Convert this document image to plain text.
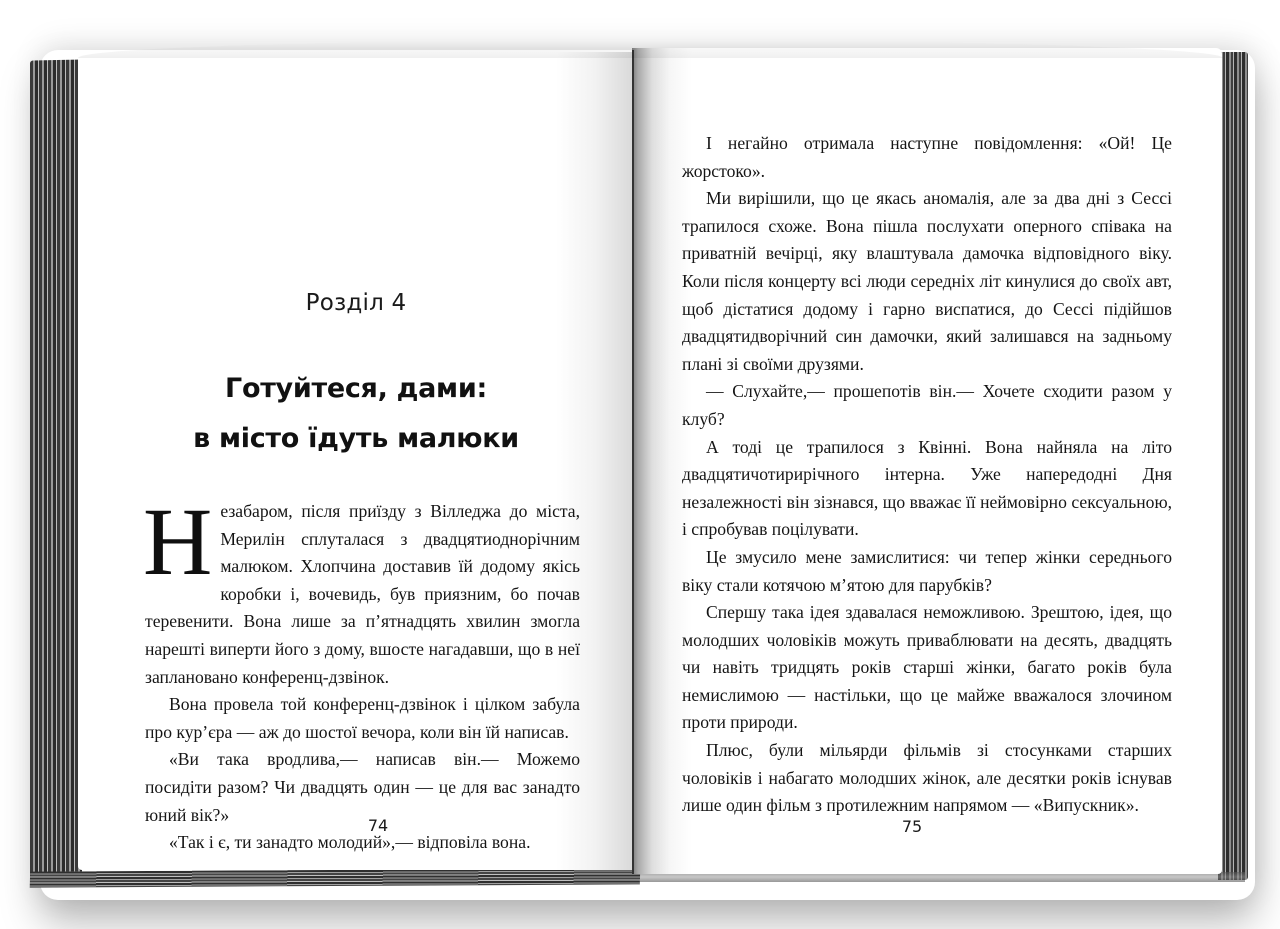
Розділ 4
Готуйтеся, дами:
в місто їдуть малюки

Незабаром, після приїзду з Вілледжа до міста, Мерилін сплуталася з двадцятиоднорічним малюком. Хлопчина доставив їй додому якісь коробки і, вочевидь, був приязним, бо почав теревенити. Вона лише за п’ятнадцять хвилин змогла нарешті виперти його з дому, вшосте нагадавши, що в неї заплановано конференц-дзвінок.

Вона провела той конференц-дзвінок і цілком забула про кур’єра — аж до шостої вечора, коли він їй написав.

«Ви така вродлива,— написав він.— Можемо посидіти разом? Чи двадцять один — це для вас занадто юний вік?»

«Так і є, ти занадто молодий»,— відповіла вона.

74

І негайно отримала наступне повідомлення: «Ой! Це жорстоко».

Ми вирішили, що це якась аномалія, але за два дні з Сессі трапилося схоже. Вона пішла послухати оперного співака на приватній вечірці, яку влаштувала дамочка відповідного віку. Коли після концерту всі люди середніх літ кинулися до своїх авт, щоб дістатися додому і гарно виспатися, до Сессі підійшов двадцятидворічний син дамочки, який залишався на задньому плані зі своїми друзями.

— Слухайте,— прошепотів він.— Хочете сходити разом у клуб?

А тоді це трапилося з Квінні. Вона найняла на літо двадцятичотирирічного інтерна. Уже напередодні Дня незалежності він зізнався, що вважає її неймовірно сексуальною, і спробував поцілувати.

Це змусило мене замислитися: чи тепер жінки середнього віку стали котячою м’ятою для парубків?

Спершу така ідея здавалася неможливою. Зрештою, ідея, що молодших чоловіків можуть приваблювати на десять, двадцять чи навіть тридцять років старші жінки, багато років була немислимою — настільки, що це майже вважалося злочином проти природи.

Плюс, були мільярди фільмів зі стосунками старших чоловіків і набагато молодших жінок, але десятки років існував лише один фільм з протилежним напрямом — «Випускник».

75
